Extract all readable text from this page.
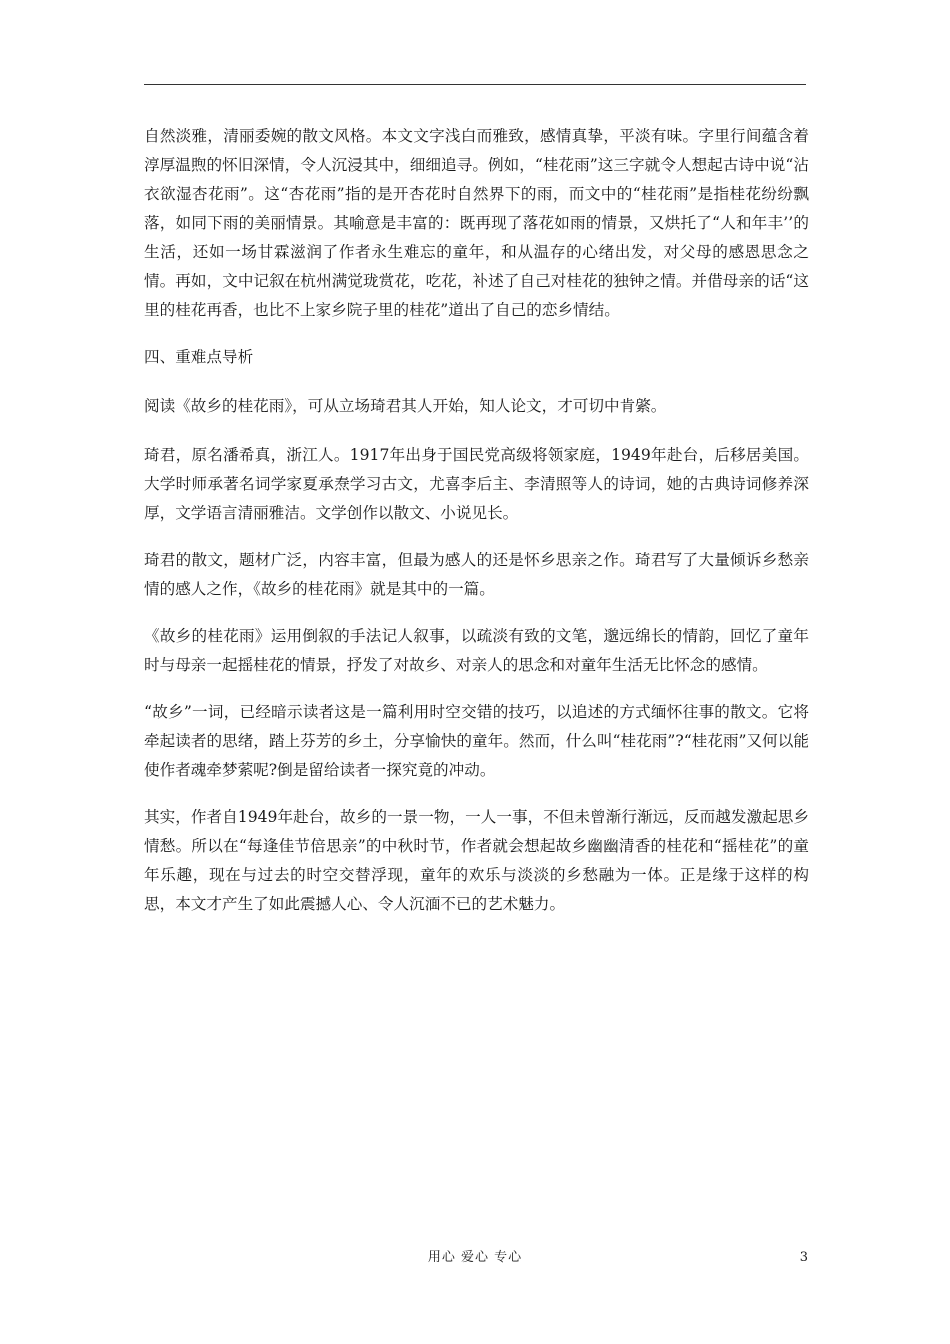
自然淡雅，清丽委婉的散文风格。本文文字浅白而雅致，感情真挚，平淡有味。字里行间蕴含着淳厚温煦的怀旧深情，令人沉浸其中，细细追寻。例如，“桂花雨”这三字就令人想起古诗中说“沾衣欲湿杏花雨”。这“杏花雨”指的是开杏花时自然界下的雨，而文中的“桂花雨”是指桂花纷纷飘落，如同下雨的美丽情景。其喻意是丰富的：既再现了落花如雨的情景，又烘托了“人和年丰’’的生活，还如一场甘霖滋润了作者永生难忘的童年，和从温存的心绪出发，对父母的感恩思念之情。再如，文中记叙在杭州满觉珑赏花，吃花，补述了自己对桂花的独钟之情。并借母亲的话“这里的桂花再香，也比不上家乡院子里的桂花”道出了自己的恋乡情结。

四、重难点导析

阅读《故乡的桂花雨》，可从立场琦君其人开始，知人论文，才可切中肯綮。

琦君，原名潘希真，浙江人。1917年出身于国民党高级将领家庭，1949年赴台，后移居美国。大学时师承著名词学家夏承焘学习古文，尤喜李后主、李清照等人的诗词，她的古典诗词修养深厚，文学语言清丽雅洁。文学创作以散文、小说见长。

琦君的散文，题材广泛，内容丰富，但最为感人的还是怀乡思亲之作。琦君写了大量倾诉乡愁亲情的感人之作，《故乡的桂花雨》就是其中的一篇。

《故乡的桂花雨》运用倒叙的手法记人叙事，以疏淡有致的文笔，邈远绵长的情韵，回忆了童年时与母亲一起摇桂花的情景，抒发了对故乡、对亲人的思念和对童年生活无比怀念的感情。

“故乡”一词，已经暗示读者这是一篇利用时空交错的技巧，以追述的方式缅怀往事的散文。它将牵起读者的思绪，踏上芬芳的乡土，分享愉快的童年。然而，什么叫“桂花雨”?“桂花雨”又何以能使作者魂牵梦萦呢?倒是留给读者一探究竟的冲动。

其实，作者自1949年赴台，故乡的一景一物，一人一事，不但未曾渐行渐远，反而越发激起思乡情愁。所以在“每逢佳节倍思亲”的中秋时节，作者就会想起故乡幽幽清香的桂花和“摇桂花”的童年乐趣，现在与过去的时空交替浮现，童年的欢乐与淡淡的乡愁融为一体。正是缘于这样的构思，本文才产生了如此震撼人心、令人沉湎不已的艺术魅力。

用心 爱心 专心	3
